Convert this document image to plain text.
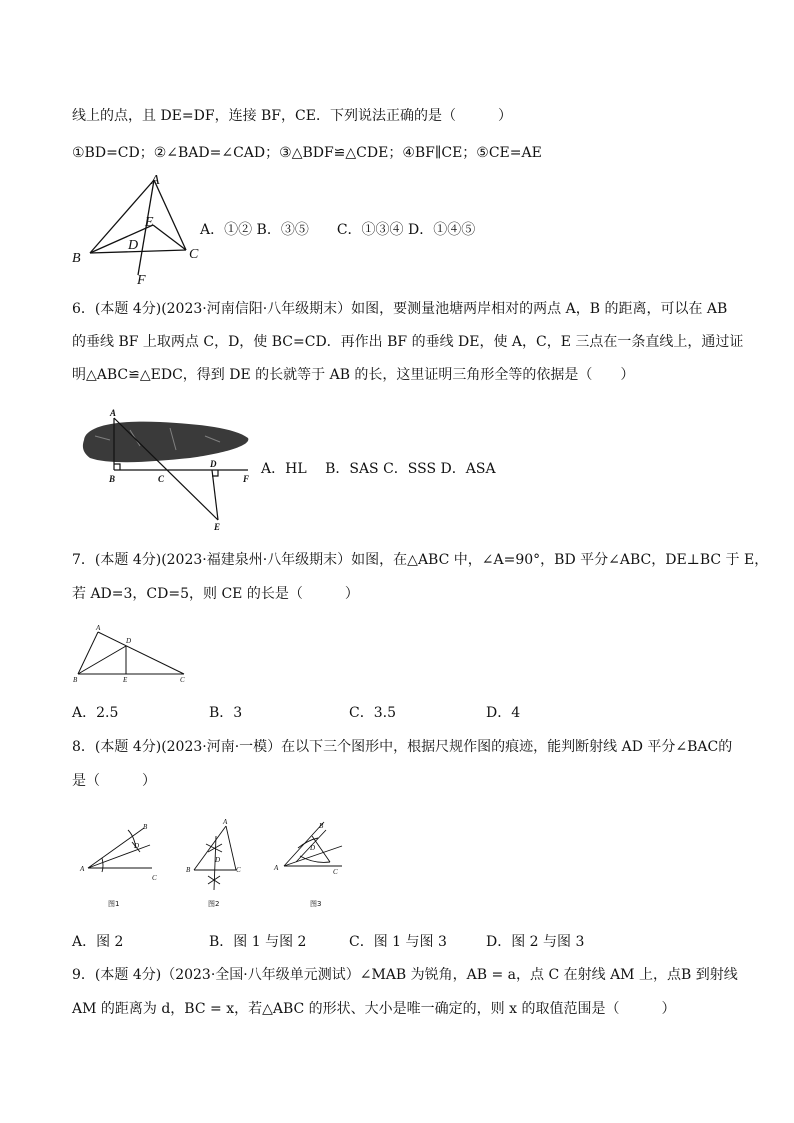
线上的点，且 DE=DF，连接 BF，CE．下列说法正确的是（　　　）
①BD=CD；②∠BAD=∠CAD；③△BDF≌△CDE；④BF∥CE；⑤CE=AE
A
B	C
D
E
F
A．①② B．③⑤　　C．①③④ D．①④⑤
6．(本题 4分)(2023·河南信阳·八年级期末）如图，要测量池塘两岸相对的两点 A，B 的距离，可以在 AB
的垂线 BF 上取两点 C，D，使 BC=CD．再作出 BF 的垂线 DE，使 A，C，E 三点在一条直线上，通过证
明△ABC≌△EDC，得到 DE 的长就等于 AB 的长，这里证明三角形全等的依据是（　　）
A
B	C
D
E
F
A．HL　 B．SAS C．SSS D．ASA
7．(本题 4分)(2023·福建泉州·八年级期末）如图，在△ABC 中，∠A=90°，BD 平分∠ABC，DE⊥BC 于 E，
若 AD=3，CD=5，则 CE 的长是（　　　）
A
B	C
D
E
A．2.5	B．3	C．3.5	D．4
8．(本题 4分)(2023·河南·一模）在以下三个图形中，根据尺规作图的痕迹，能判断射线 AD 平分∠BAC的
是（　　　）
B
A
C
D
A
B	C
D
B
A	C
D
图1	图2	图3
A．图 2	B．图 1 与图 2	C．图 1 与图 3	D．图 2 与图 3
9．(本题 4分)（2023·全国·八年级单元测试）∠MAB 为锐角，AB = a，点 C 在射线 AM 上，点B 到射线
AM 的距离为 d，BC = x，若△ABC 的形状、大小是唯一确定的，则 x 的取值范围是（　　　）
